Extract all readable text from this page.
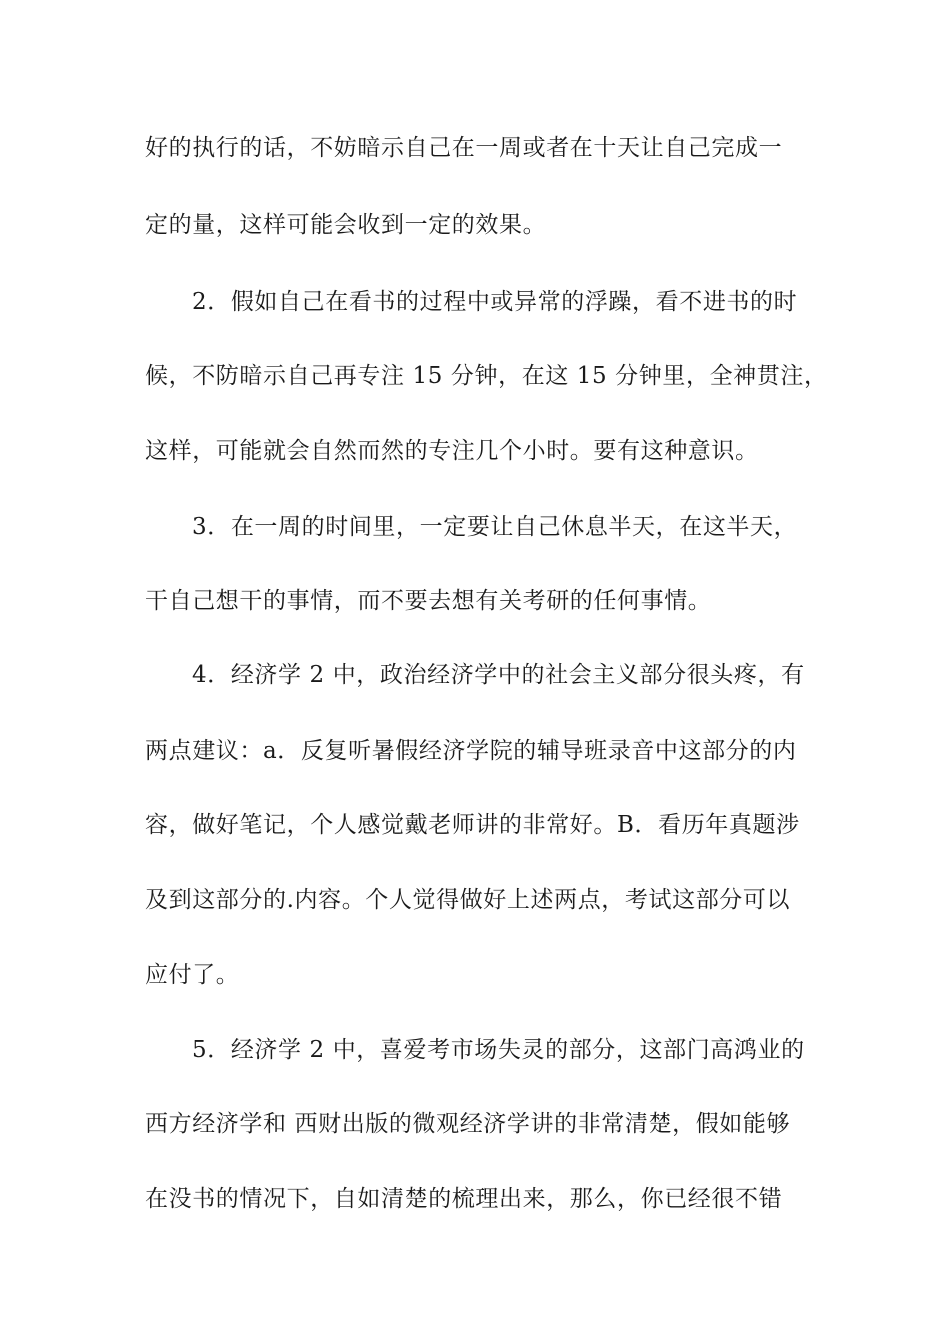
好的执行的话，不妨暗示自己在一周或者在十天让自己完成一
定的量，这样可能会收到一定的效果。
2．假如自己在看书的过程中或异常的浮躁，看不进书的时
候，不防暗示自己再专注 15 分钟，在这 15 分钟里，全神贯注，
这样，可能就会自然而然的专注几个小时。要有这种意识。
3．在一周的时间里，一定要让自己休息半天，在这半天，
干自己想干的事情，而不要去想有关考研的任何事情。
4．经济学 2 中，政治经济学中的社会主义部分很头疼，有
两点建议：a．反复听暑假经济学院的辅导班录音中这部分的内
容，做好笔记，个人感觉戴老师讲的非常好。B．看历年真题涉
及到这部分的.内容。个人觉得做好上述两点，考试这部分可以
应付了。
5．经济学 2 中，喜爱考市场失灵的部分，这部门高鸿业的
西方经济学和 西财出版的微观经济学讲的非常清楚，假如能够
在没书的情况下，自如清楚的梳理出来，那么，你已经很不错
